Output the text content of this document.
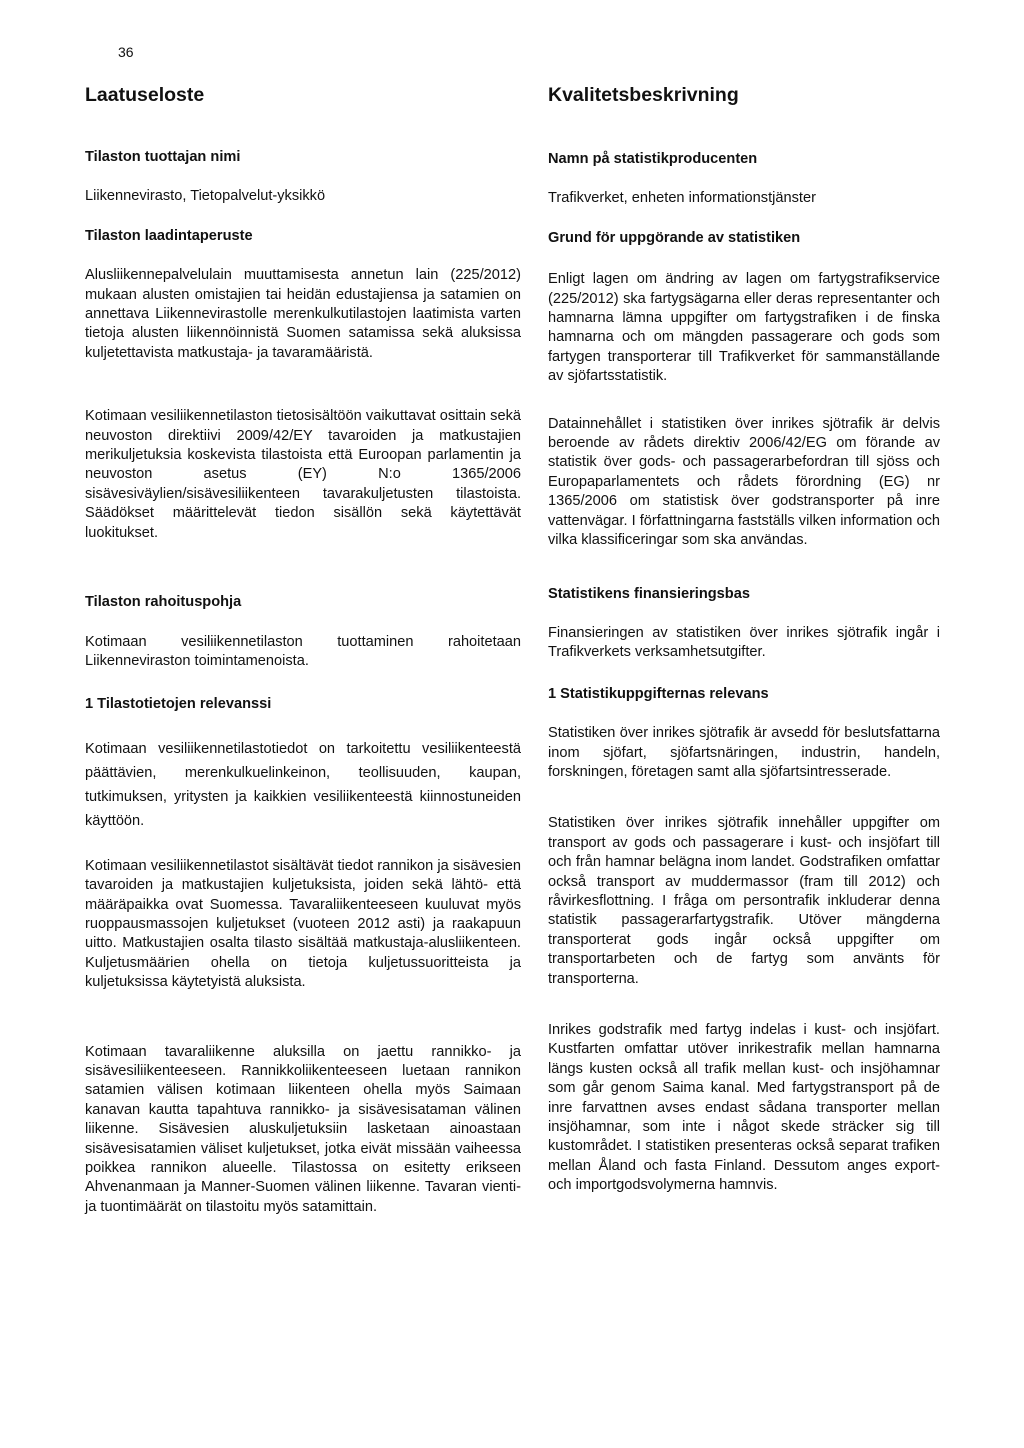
36
Laatuseloste
Tilaston tuottajan nimi

Liikennevirasto, Tietopalvelut-yksikkö

Tilaston laadintaperuste

Alusliikennepalvelulain muuttamisesta annetun lain (225/2012) mukaan alusten omistajien tai heidän edustajiensa ja satamien on annettava Liikennevirastolle merenkulkutilastojen laatimista varten tietoja alusten liikennöinnistä Suomen satamissa sekä aluksissa kuljetettavista matkustaja- ja tavaramääristä.

Kotimaan vesiliikennetilaston tietosisältöön vaikuttavat osittain sekä neuvoston direktiivi 2009/42/EY tavaroiden ja matkustajien merikuljetuksia koskevista tilastoista että Euroopan parlamentin ja neuvoston asetus (EY) N:o 1365/2006 sisävesiväylien/sisävesiliikenteen tavarakuljetusten tilastoista. Säädökset määrittelevät tiedon sisällön sekä käytettävät luokitukset.

Tilaston rahoituspohja

Kotimaan vesiliikennetilaston tuottaminen rahoitetaan Liikenneviraston toimintamenoista.

1 Tilastotietojen relevanssi

Kotimaan vesiliikennetilastotiedot on tarkoitettu vesiliikenteestä päättävien, merenkulkuelinkeinon, teollisuuden, kaupan, tutkimuksen, yritysten ja kaikkien vesiliikenteestä kiinnostuneiden käyttöön.

Kotimaan vesiliikennetilastot sisältävät tiedot rannikon ja sisävesien tavaroiden ja matkustajien kuljetuksista, joiden sekä lähtö- että määräpaikka ovat Suomessa. Tavaraliikenteeseen kuuluvat myös ruoppausmassojen kuljetukset (vuoteen 2012 asti) ja raakapuun uitto. Matkustajien osalta tilasto sisältää matkustaja-alusliikenteen. Kuljetusmäärien ohella on tietoja kuljetussuoritteista ja kuljetuksissa käytetyistä aluksista.

Kotimaan tavaraliikenne aluksilla on jaettu rannikko- ja sisävesiliikenteeseen. Rannikkoliikenteeseen luetaan rannikon satamien välisen kotimaan liikenteen ohella myös Saimaan kanavan kautta tapahtuva rannikko- ja sisävesisataman välinen liikenne. Sisävesien aluskuljetuksiin lasketaan ainoastaan sisävesisatamien väliset kuljetukset, jotka eivät missään vaiheessa poikkea rannikon alueelle. Tilastossa on esitetty erikseen Ahvenanmaan ja Manner-Suomen välinen liikenne. Tavaran vienti- ja tuontimäärät on tilastoitu myös satamittain.

Kvalitetsbeskrivning
Namn på statistikproducenten

Trafikverket, enheten informationstjänster

Grund för uppgörande av statistiken

Enligt lagen om ändring av lagen om fartygstrafikservice (225/2012) ska fartygsägarna eller deras representanter och hamnarna lämna uppgifter om fartygstrafiken i de finska hamnarna och om mängden passagerare och gods som fartygen transporterar till Trafikverket för sammanställande av sjöfartsstatistik.

Datainnehållet i statistiken över inrikes sjötrafik är delvis beroende av rådets direktiv 2006/42/EG om förande av statistik över gods- och passagerarbefordran till sjöss och Europaparlamentets och rådets förordning (EG) nr 1365/2006 om statistisk över godstransporter på inre vattenvägar. I författningarna fastställs vilken information och vilka klassificeringar som ska användas.

Statistikens finansieringsbas

Finansieringen av statistiken över inrikes sjötrafik ingår i Trafikverkets verksamhetsutgifter.

1 Statistikuppgifternas relevans

Statistiken över inrikes sjötrafik är avsedd för beslutsfattarna inom sjöfart, sjöfartsnäringen, industrin, handeln, forskningen, företagen samt alla sjöfartsintresserade.

Statistiken över inrikes sjötrafik innehåller uppgifter om transport av gods och passagerare i kust- och insjöfart till och från hamnar belägna inom landet. Godstrafiken omfattar också transport av muddermassor (fram till 2012) och råvirkesflottning. I fråga om persontrafik inkluderar denna statistik passagerarfartygstrafik. Utöver mängderna transporterat gods ingår också uppgifter om transportarbeten och de fartyg som använts för transporterna.

Inrikes godstrafik med fartyg indelas i kust- och insjöfart. Kustfarten omfattar utöver inrikestrafik mellan hamnarna längs kusten också all trafik mellan kust- och insjöhamnar som går genom Saima kanal. Med fartygstransport på de inre farvattnen avses endast sådana transporter mellan insjöhamnar, som inte i något skede sträcker sig till kustområdet. I statistiken presenteras också separat trafiken mellan Åland och fasta Finland. Dessutom anges export- och importgodsvolymerna hamnvis.
